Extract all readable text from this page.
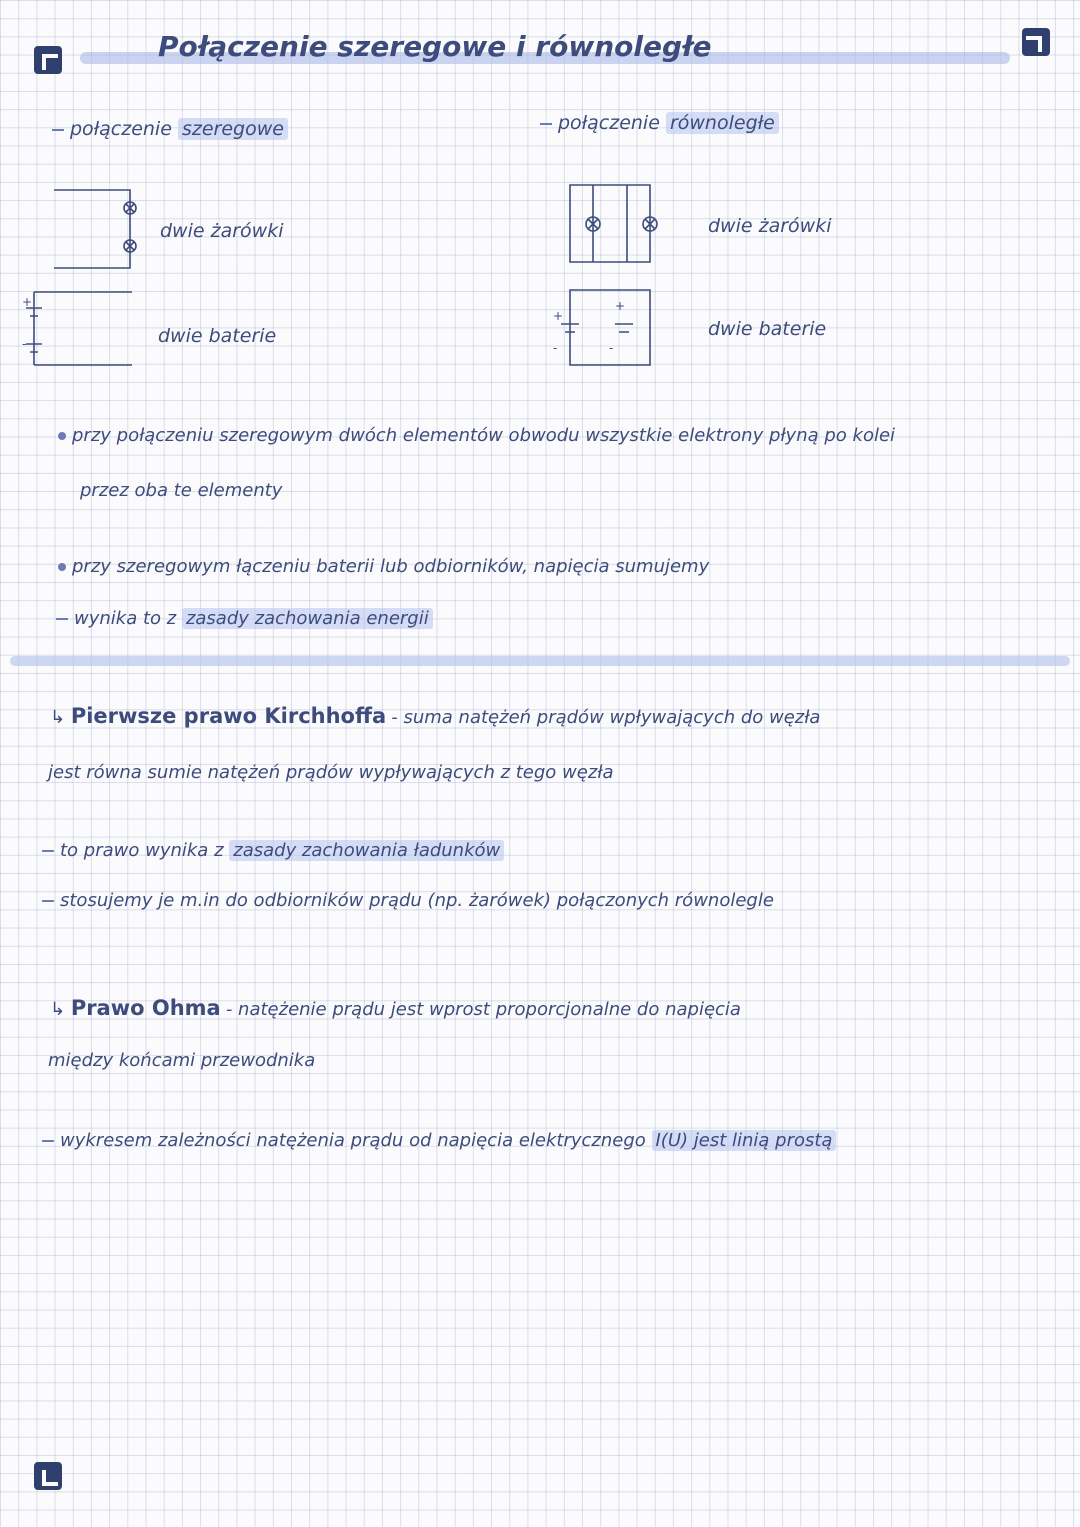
Połączenie szeregowe i równoległe
połączenie szeregowe	połączenie równoległe
+
-
dwie żarówki
dwie baterie
+
+
-	-
dwie żarówki
dwie baterie
przy połączeniu szeregowym dwóch elementów obwodu wszystkie elektrony płyną po kolei
przez oba te elementy
przy szeregowym łączeniu baterii lub odbiorników, napięcia sumujemy
wynika to z zasady zachowania energii
↳ Pierwsze prawo Kirchhoffa - suma natężeń prądów wpływających do węzła
jest równa sumie natężeń prądów wypływających z tego węzła
to prawo wynika z zasady zachowania ładunków
stosujemy je m.in do odbiorników prądu (np. żarówek) połączonych równolegle
↳ Prawo Ohma - natężenie prądu jest wprost proporcjonalne do napięcia
między końcami przewodnika
wykresem zależności natężenia prądu od napięcia elektrycznego I(U) jest linią prostą
